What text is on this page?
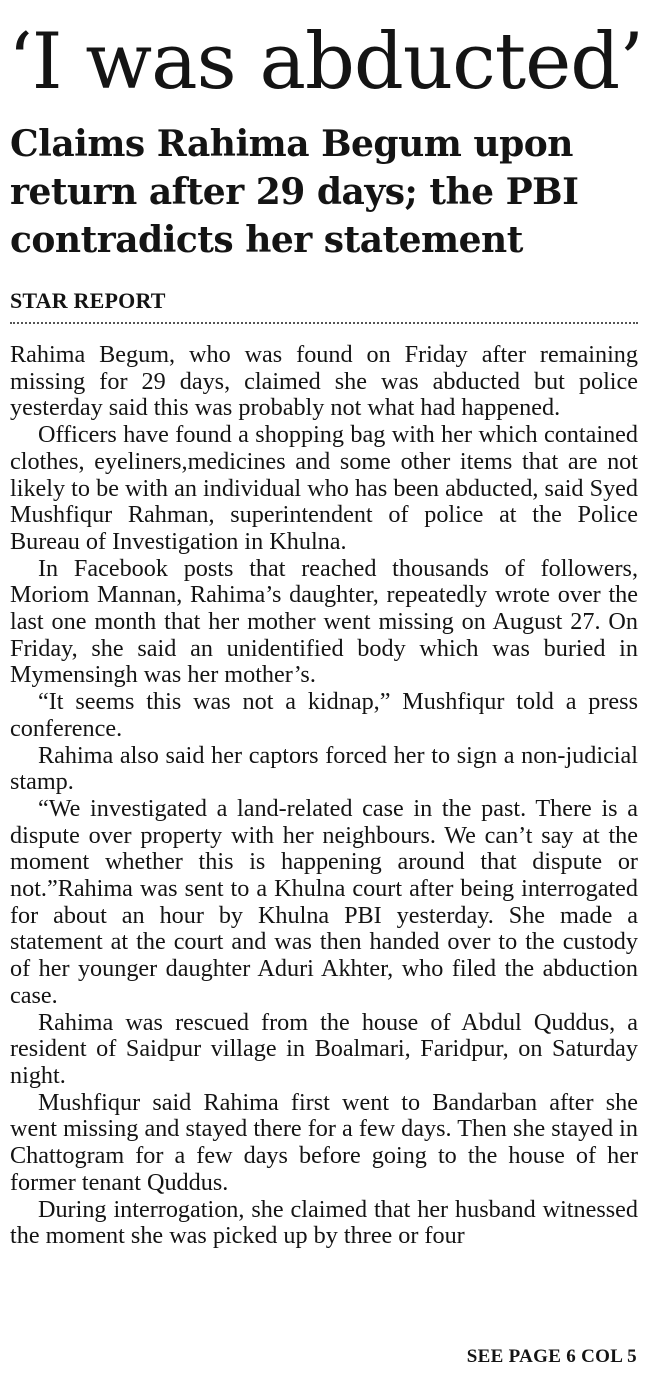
‘I was abducted’
Claims Rahima Begum upon return after 29 days; the PBI contradicts her statement
STAR REPORT

Rahima Begum, who was found on Friday after remaining missing for 29 days, claimed she was abducted but police yesterday said this was probably not what had happened.

Officers have found a shopping bag with her which contained clothes, eyeliners,medicines and some other items that are not likely to be with an individual who has been abducted, said Syed Mushfiqur Rahman, superintendent of police at the Police Bureau of Investigation in Khulna.

In Facebook posts that reached thousands of followers, Moriom Mannan, Rahima’s daughter, repeatedly wrote over the last one month that her mother went missing on August 27. On Friday, she said an unidentified body which was buried in Mymensingh was her mother’s.

“It seems this was not a kidnap,” Mushfiqur told a press conference.

Rahima also said her captors forced her to sign a non-judicial stamp.

“We investigated a land-related case in the past. There is a dispute over property with her neighbours. We can’t say at the moment whether this is happening around that dispute or not.”Rahima was sent to a Khulna court after being interrogated for about an hour by Khulna PBI yesterday. She made a statement at the court and was then handed over to the custody of her younger daughter Aduri Akhter, who filed the abduction case.

Rahima was rescued from the house of Abdul Quddus, a resident of Saidpur village in Boalmari, Faridpur, on Saturday night.

Mushfiqur said Rahima first went to Bandarban after she went missing and stayed there for a few days. Then she stayed in Chattogram for a few days before going to the house of her former tenant Quddus.

During interrogation, she claimed that her husband witnessed the moment she was picked up by three or four

SEE PAGE 6 COL 5
